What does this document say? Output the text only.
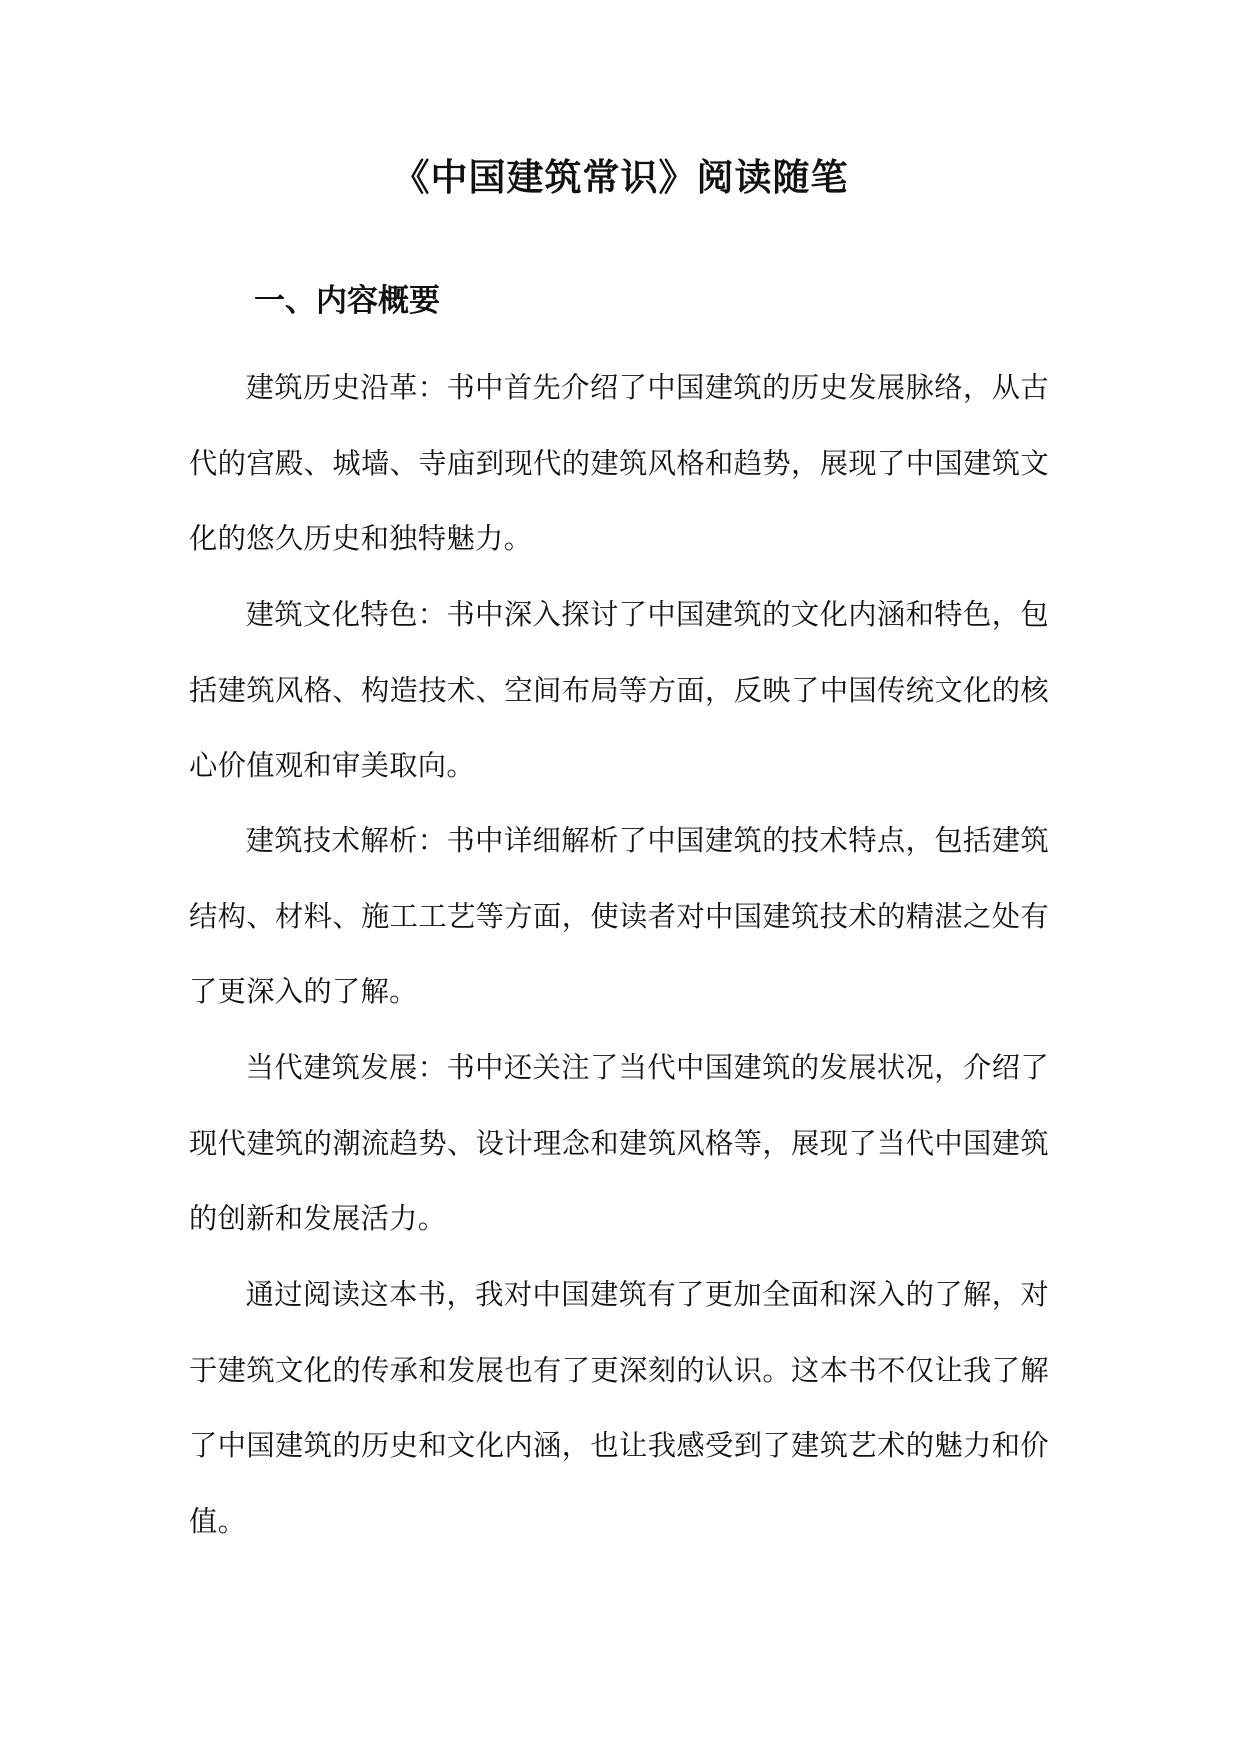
《中国建筑常识》阅读随笔
一、内容概要

建筑历史沿革：书中首先介绍了中国建筑的历史发展脉络，从古代的宫殿、城墙、寺庙到现代的建筑风格和趋势，展现了中国建筑文化的悠久历史和独特魅力。

建筑文化特色：书中深入探讨了中国建筑的文化内涵和特色，包括建筑风格、构造技术、空间布局等方面，反映了中国传统文化的核心价值观和审美取向。

建筑技术解析：书中详细解析了中国建筑的技术特点，包括建筑结构、材料、施工工艺等方面，使读者对中国建筑技术的精湛之处有了更深入的了解。

当代建筑发展：书中还关注了当代中国建筑的发展状况，介绍了现代建筑的潮流趋势、设计理念和建筑风格等，展现了当代中国建筑的创新和发展活力。

通过阅读这本书，我对中国建筑有了更加全面和深入的了解，对于建筑文化的传承和发展也有了更深刻的认识。这本书不仅让我了解了中国建筑的历史和文化内涵，也让我感受到了建筑艺术的魅力和价值。
